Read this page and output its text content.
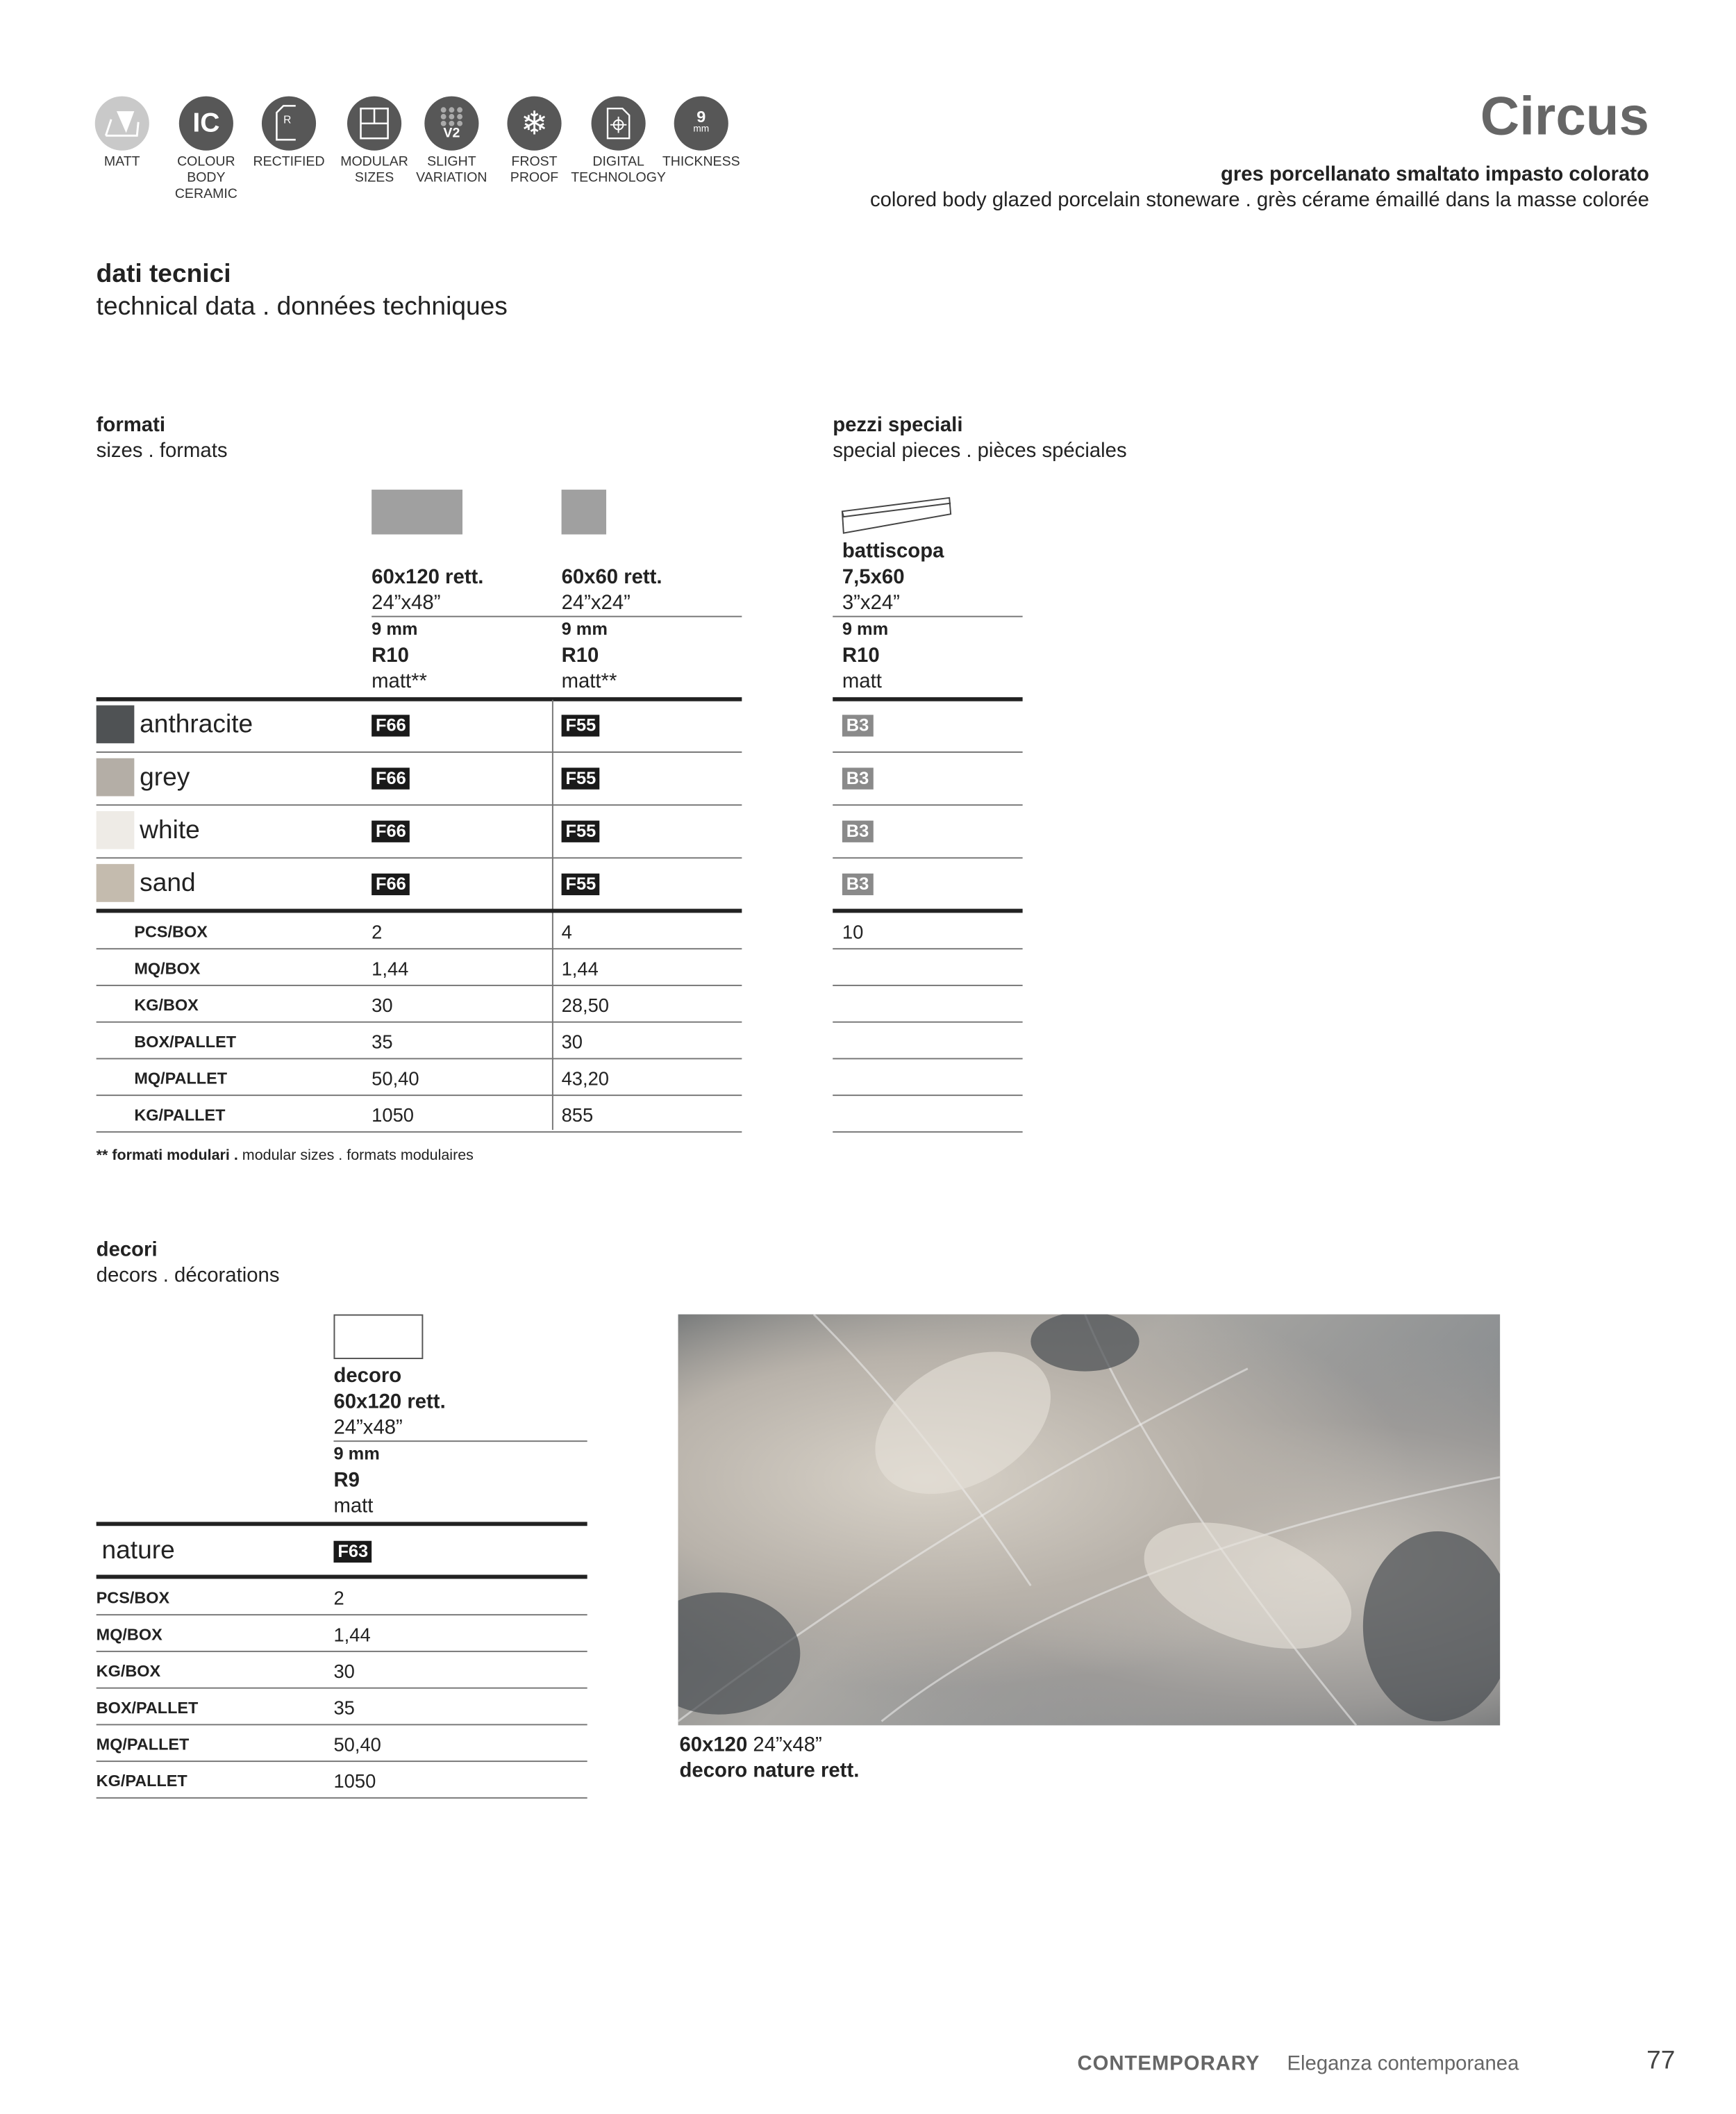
IC	R
V2	❄	9
mm
MATT	COLOUR BODY CERAMIC
RECTIFIED	MODULAR SIZES
SLIGHT VARIATION
FROST PROOF
DIGITAL TECHNOLOGY
THICKNESS
Circus
gres porcellanato smaltato impasto colorato
colored body glazed porcelain stoneware . grès cérame émaillé dans la masse colorée
dati tecnici
technical data . données techniques
formati
sizes . formats
pezzi speciali
special pieces . pièces spéciales
60x120 rett.
24”x48”
9 mm
R10
matt**
60x60 rett.
24”x24”
9 mm
R10
matt**
battiscopa
7,5x60
3”x24”
9 mm
R10
matt
anthracite	F66	F55	B3
grey	F66	F55	B3
white	F66	F55	B3
sand	F66	F55	B3
PCS/BOX	2	4	10
MQ/BOX	1,44	1,44
KG/BOX	30	28,50
BOX/PALLET	35	30
MQ/PALLET	50,40	43,20
KG/PALLET	1050	855
** formati modulari . modular sizes . formats modulaires
decori
decors . décorations
decoro
60x120 rett.
24”x48”
9 mm
R9
matt
nature	F63
PCS/BOX	2
MQ/BOX	1,44
KG/BOX	30
BOX/PALLET	35
MQ/PALLET	50,40
KG/PALLET	1050
60x120 24”x48”
decoro nature rett.
CONTEMPORARY	Eleganza contemporanea	77
